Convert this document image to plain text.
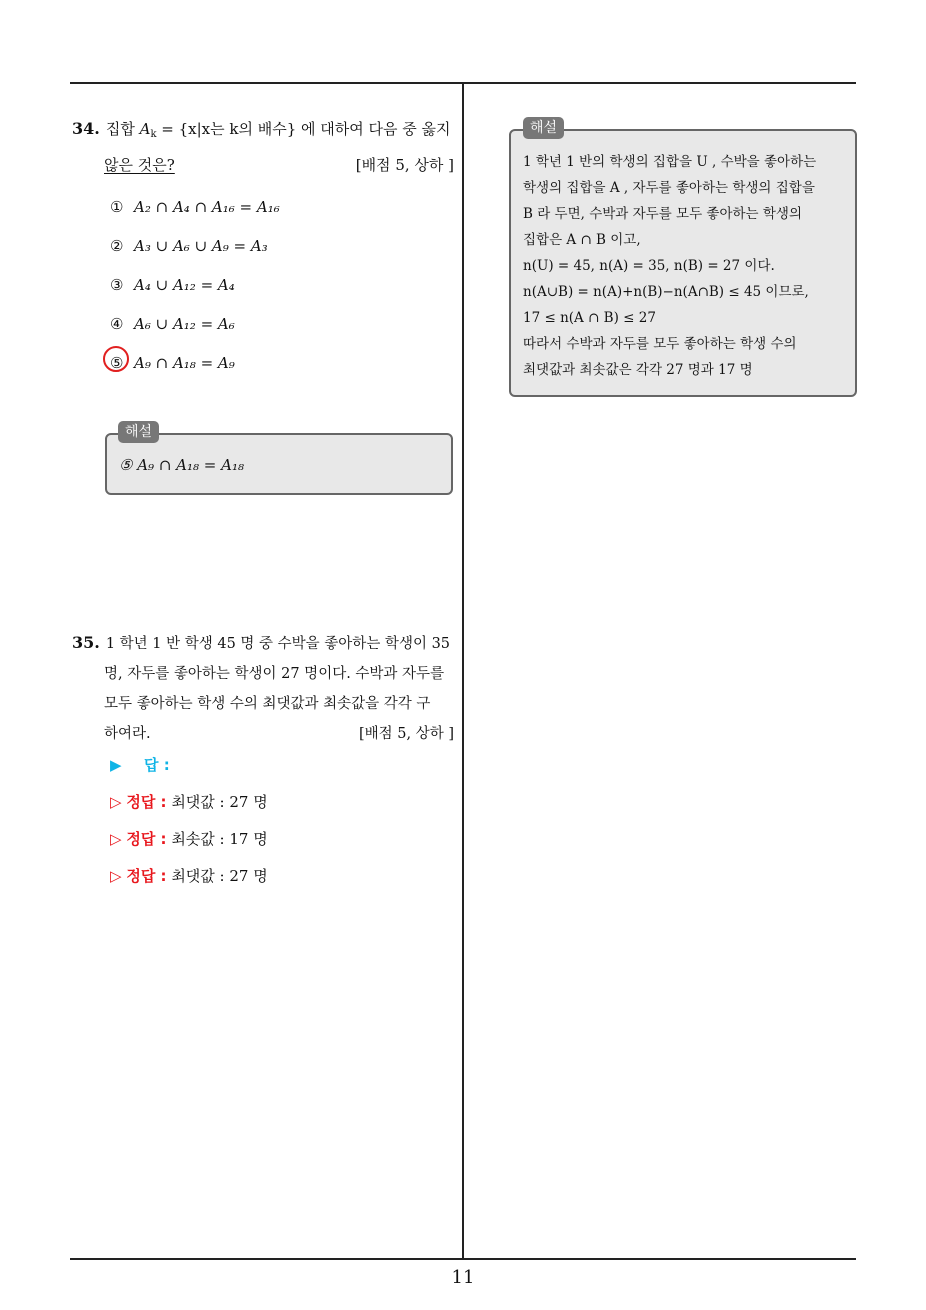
34. 집합 $A_k = \{x|x$는 k의 배수} 에 대하여 다음 중 옳지
않은 것은?	[배점 5, 상하 ]
① A₂ ∩ A₄ ∩ A₁₆ = A₁₆
② A₃ ∪ A₆ ∪ A₉ = A₃
③ A₄ ∪ A₁₂ = A₄
④ A₆ ∪ A₁₂ = A₆
⑤ A₉ ∩ A₁₈ = A₉
⑤ A₉ ∩ A₁₈ = A₁₈
해설
35. 1 학년 1 반 학생 45 명 중 수박을 좋아하는 학생이 35
명, 자두를 좋아하는 학생이 27 명이다. 수박과 자두를
모두 좋아하는 학생 수의 최댓값과 최솟값을 각각 구
하여라.	[배점 5, 상하 ]
▶ 답 :
▷ 정답 : 최댓값 : 27 명
▷ 정답 : 최솟값 : 17 명
▷ 정답 : 최댓값 : 27 명
1 학년 1 반의 학생의 집합을 U , 수박을 좋아하는
학생의 집합을 A , 자두를 좋아하는 학생의 집합을
B 라 두면, 수박과 자두를 모두 좋아하는 학생의
집합은 A ∩ B 이고,
n(U) = 45, n(A) = 35, n(B) = 27 이다.
n(A∪B) = n(A)+n(B)−n(A∩B) ≤ 45 이므로,
17 ≤ n(A ∩ B) ≤ 27
따라서 수박과 자두를 모두 좋아하는 학생 수의
최댓값과 최솟값은 각각 27 명과 17 명
해설
11
